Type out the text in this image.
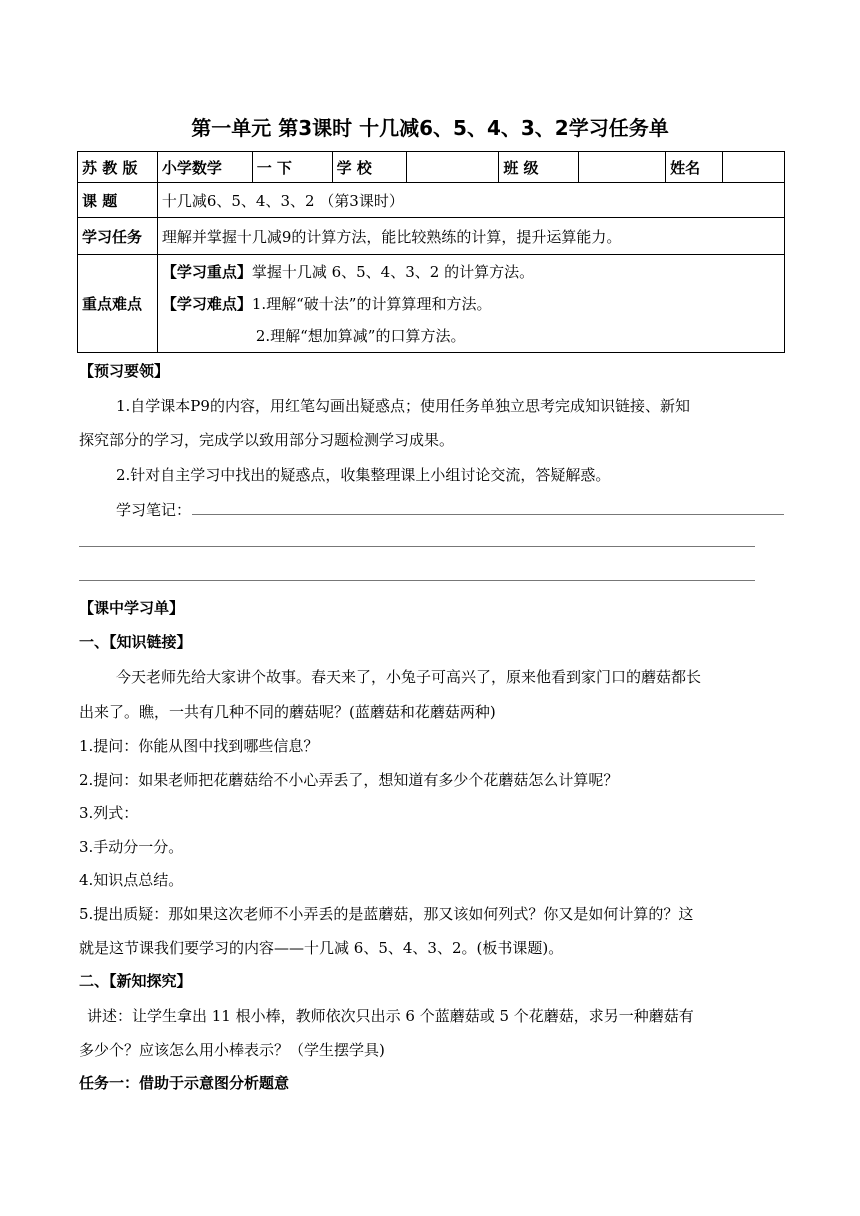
第一单元 第3课时 十几减6、5、4、3、2学习任务单
苏 教 版	小学数学	一 下	学 校		班 级		姓名	
课 题	十几减6、5、4、3、2 （第3课时）							
学习任务	理解并掌握十几减9的计算方法，能比较熟练的计算，提升运算能力。							
重点难点	【学习重点】掌握十几减 6、5、4、3、2 的计算方法。
【学习难点】1.理解“破十法”的计算算理和方法。
2.理解“想加算减”的口算方法。							
【预习要领】
1.自学课本P9的内容，用红笔勾画出疑惑点；使用任务单独立思考完成知识链接、新知
探究部分的学习，完成学以致用部分习题检测学习成果。
2.针对自主学习中找出的疑惑点，收集整理课上小组讨论交流，答疑解惑。
学习笔记：
【课中学习单】
一、【知识链接】
今天老师先给大家讲个故事。春天来了，小兔子可高兴了，原来他看到家门口的蘑菇都长
出来了。瞧，一共有几种不同的蘑菇呢？(蓝蘑菇和花蘑菇两种)
1.提问：你能从图中找到哪些信息？
2.提问：如果老师把花蘑菇给不小心弄丢了，想知道有多少个花蘑菇怎么计算呢？
3.列式：
3.手动分一分。
4.知识点总结。
5.提出质疑：那如果这次老师不小弄丢的是蓝蘑菇，那又该如何列式？你又是如何计算的？这
就是这节课我们要学习的内容——十几减 6、5、4、3、2。(板书课题)。
二、【新知探究】
讲述：让学生拿出 11 根小棒，教师依次只出示 6 个蓝蘑菇或 5 个花蘑菇，求另一种蘑菇有
多少个？应该怎么用小棒表示？（学生摆学具)
任务一：借助于示意图分析题意
